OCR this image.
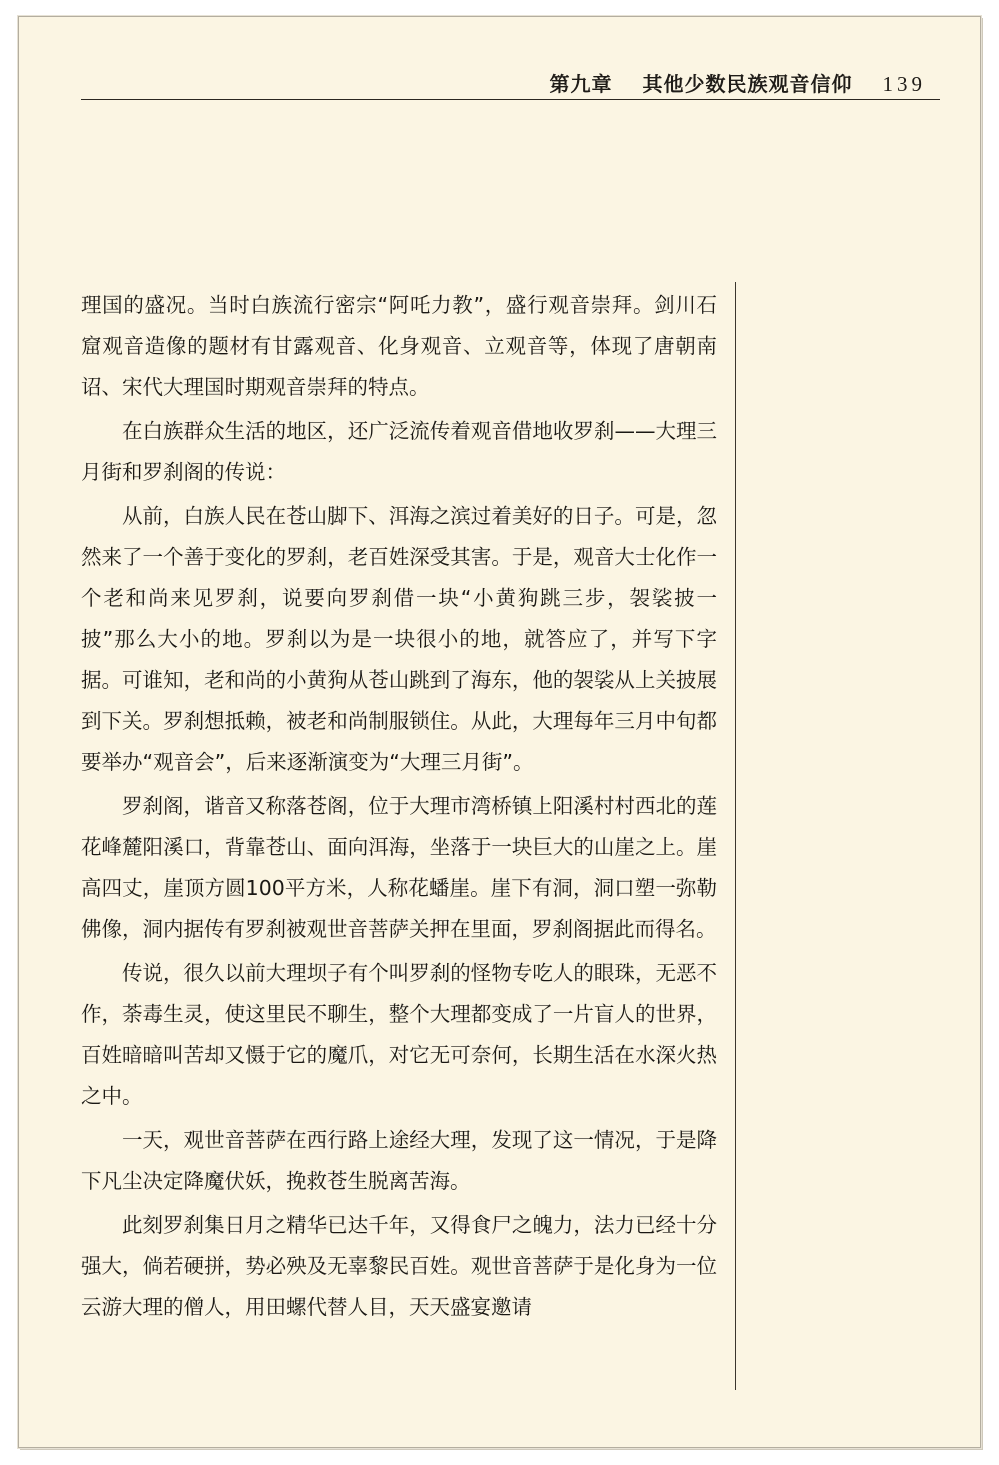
第九章 其他少数民族观音信仰 139

理国的盛况。当时白族流行密宗“阿吒力教”，盛行观音崇拜。剑川石窟观音造像的题材有甘露观音、化身观音、立观音等，体现了唐朝南诏、宋代大理国时期观音崇拜的特点。

在白族群众生活的地区，还广泛流传着观音借地收罗刹——大理三月街和罗刹阁的传说：

从前，白族人民在苍山脚下、洱海之滨过着美好的日子。可是，忽然来了一个善于变化的罗刹，老百姓深受其害。于是，观音大士化作一个老和尚来见罗刹，说要向罗刹借一块“小黄狗跳三步，袈裟披一披”那么大小的地。罗刹以为是一块很小的地，就答应了，并写下字据。可谁知，老和尚的小黄狗从苍山跳到了海东，他的袈裟从上关披展到下关。罗刹想抵赖，被老和尚制服锁住。从此，大理每年三月中旬都要举办“观音会”，后来逐渐演变为“大理三月街”。

罗刹阁，谐音又称落苍阁，位于大理市湾桥镇上阳溪村村西北的莲花峰麓阳溪口，背靠苍山、面向洱海，坐落于一块巨大的山崖之上。崖高四丈，崖顶方圆100平方米，人称花蟠崖。崖下有洞，洞口塑一弥勒佛像，洞内据传有罗刹被观世音菩萨关押在里面，罗刹阁据此而得名。

传说，很久以前大理坝子有个叫罗刹的怪物专吃人的眼珠，无恶不作，荼毒生灵，使这里民不聊生，整个大理都变成了一片盲人的世界，百姓暗暗叫苦却又慑于它的魔爪，对它无可奈何，长期生活在水深火热之中。

一天，观世音菩萨在西行路上途经大理，发现了这一情况，于是降下凡尘决定降魔伏妖，挽救苍生脱离苦海。

此刻罗刹集日月之精华已达千年，又得食尸之魄力，法力已经十分强大，倘若硬拼，势必殃及无辜黎民百姓。观世音菩萨于是化身为一位云游大理的僧人，用田螺代替人目，天天盛宴邀请
